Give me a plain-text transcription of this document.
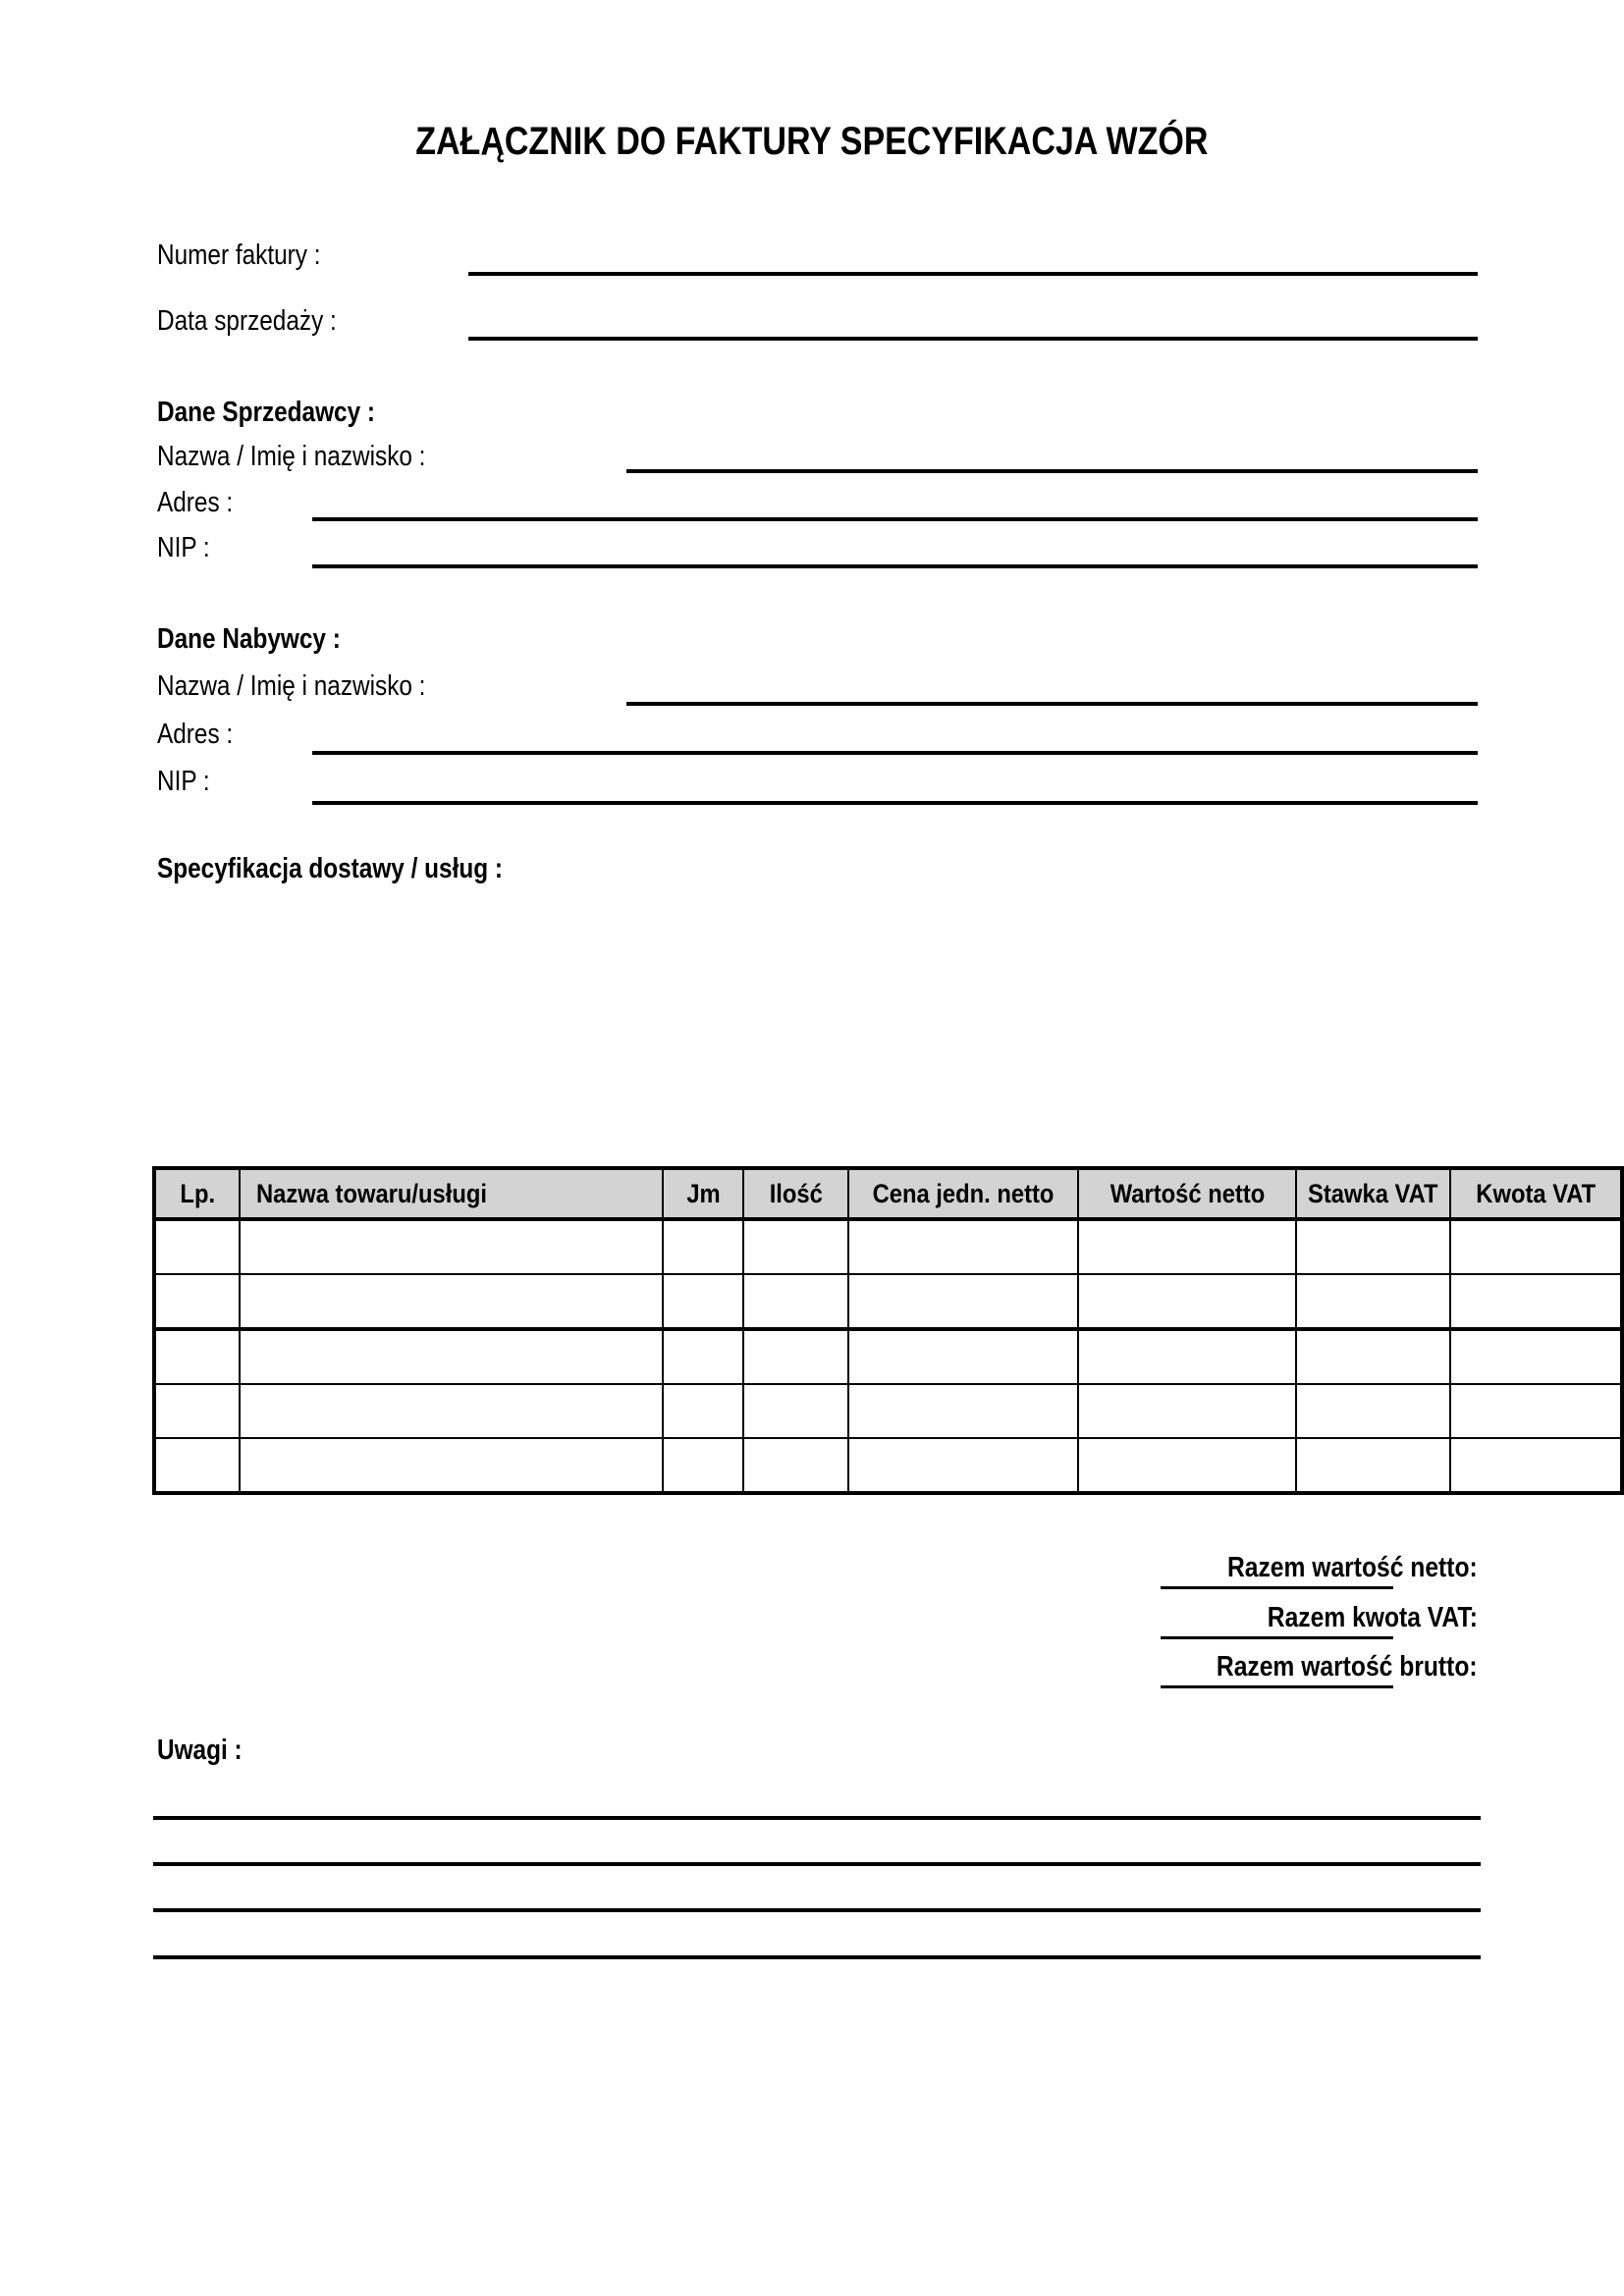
ZAŁĄCZNIK DO FAKTURY SPECYFIKACJA WZÓR
Numer faktury :
Data sprzedaży :
Dane Sprzedawcy :
Nazwa / Imię i nazwisko :
Adres :
NIP :
Dane Nabywcy :
Nazwa / Imię i nazwisko :
Adres :
NIP :
Specyfikacja dostawy / usług :
Lp.	Nazwa towaru/usługi	Jm	Ilość	Cena jedn. netto	Wartość netto	Stawka VAT	Kwota VAT

Razem wartość netto:
Razem kwota VAT:
Razem wartość brutto:
Uwagi :
